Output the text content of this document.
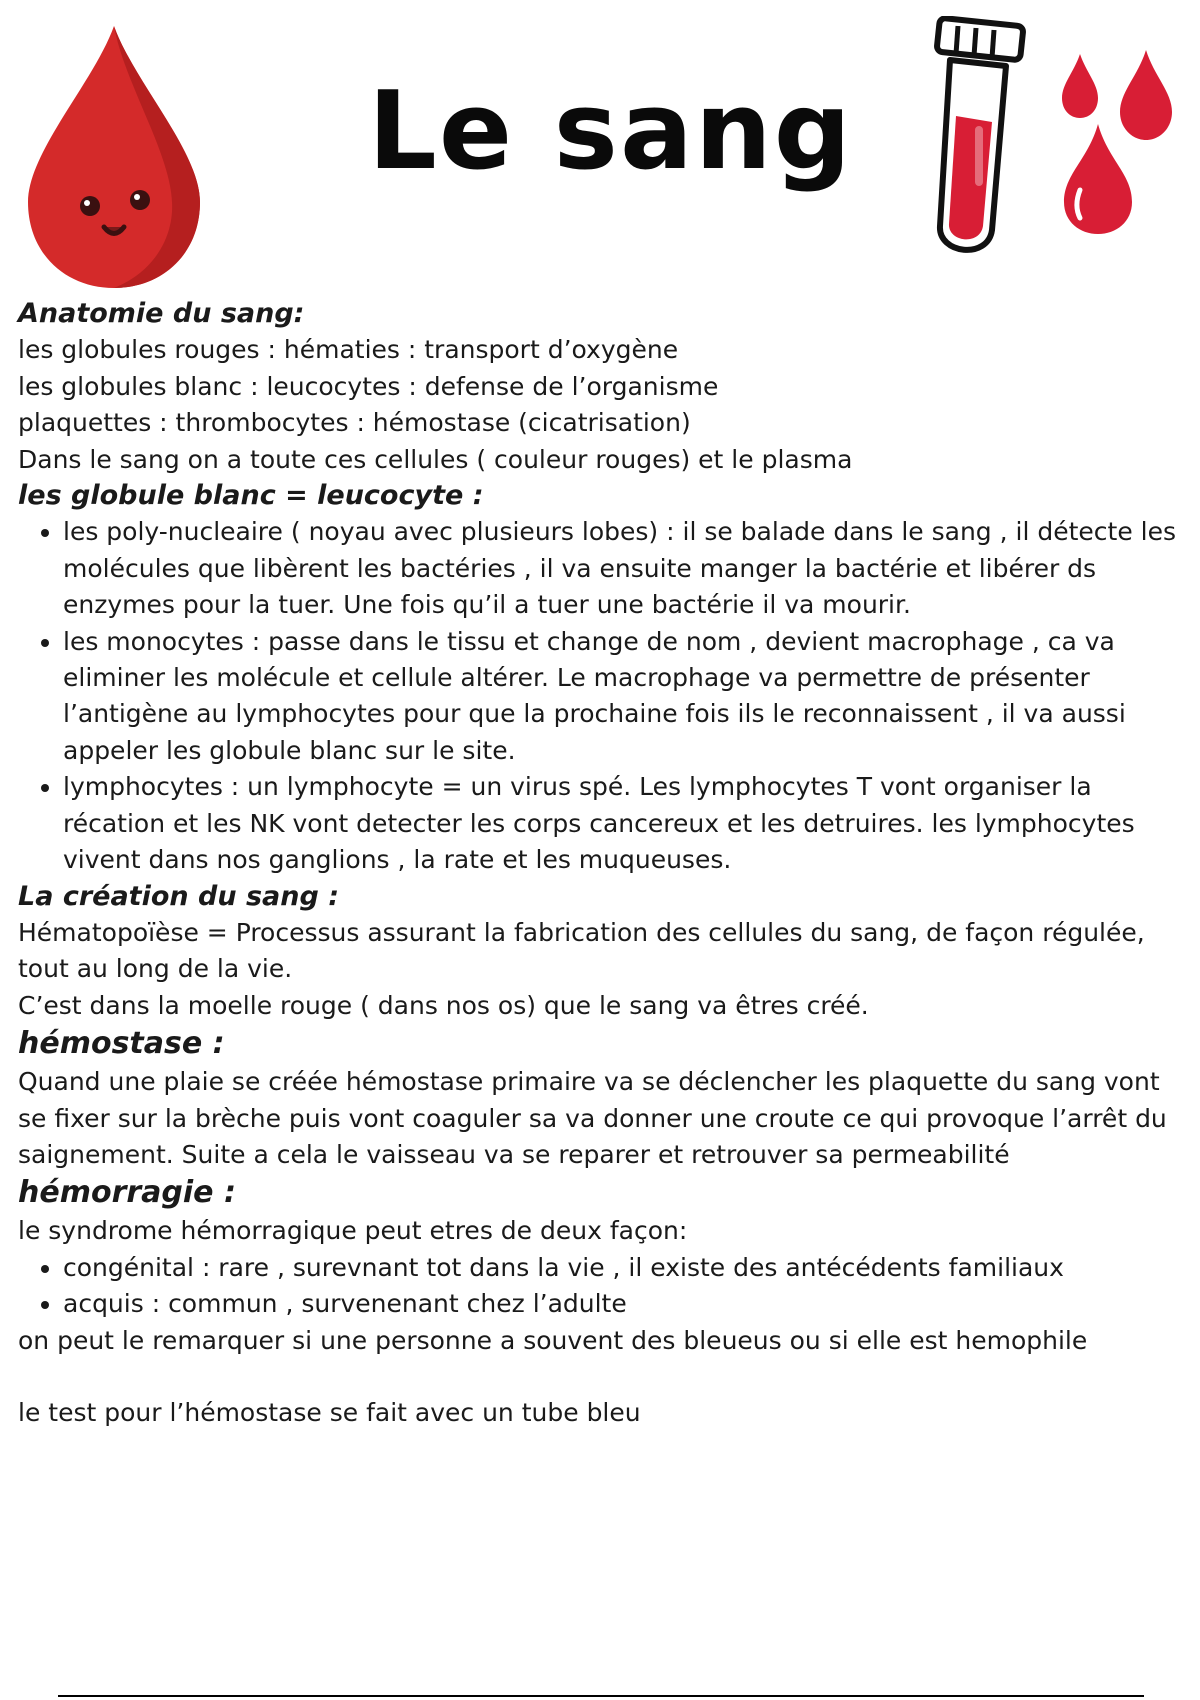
Le sang

Anatomie du sang:

les globules rouges : hématies : transport d’oxygène

les globules blanc : leucocytes : defense de l’organisme

plaquettes : thrombocytes : hémostase (cicatrisation)

Dans le sang on a toute ces cellules ( couleur rouges) et le plasma

les globule blanc = leucocyte :

• les poly-nucleaire ( noyau avec plusieurs lobes) : il se balade dans le sang , il détecte les molécules que libèrent les bactéries , il va ensuite manger la bactérie et libérer ds enzymes pour la tuer. Une fois qu’il a tuer une bactérie il va mourir.
• les monocytes : passe dans le tissu et change de nom , devient macrophage , ca va eliminer les molécule et cellule altérer. Le macrophage va permettre de présenter l’antigène au lymphocytes pour que la prochaine fois ils le reconnaissent , il va aussi appeler les globule blanc sur le site.
• lymphocytes : un lymphocyte = un virus spé. Les lymphocytes T vont organiser la récation et les NK vont detecter les corps cancereux et les detruires. les lymphocytes vivent dans nos ganglions , la rate et les muqueuses.

La création du sang :

Hématopoïèse = Processus assurant la fabrication des cellules du sang, de façon régulée, tout au long de la vie.

C’est dans la moelle rouge ( dans nos os) que le sang va êtres créé.

hémostase :

Quand une plaie se créée hémostase primaire va se déclencher les plaquette du sang vont se fixer sur la brèche puis vont coaguler sa va donner une croute ce qui provoque l’arrêt du saignement. Suite a cela le vaisseau va se reparer et retrouver sa permeabilité

hémorragie :

le syndrome hémorragique peut etres de deux façon:

• congénital : rare , surevnant tot dans la vie , il existe des antécédents familiaux
• acquis : commun , survenenant chez l’adulte

on peut le remarquer si une personne a souvent des bleueus ou si elle est hemophile

le test pour l’hémostase se fait avec un tube bleu
